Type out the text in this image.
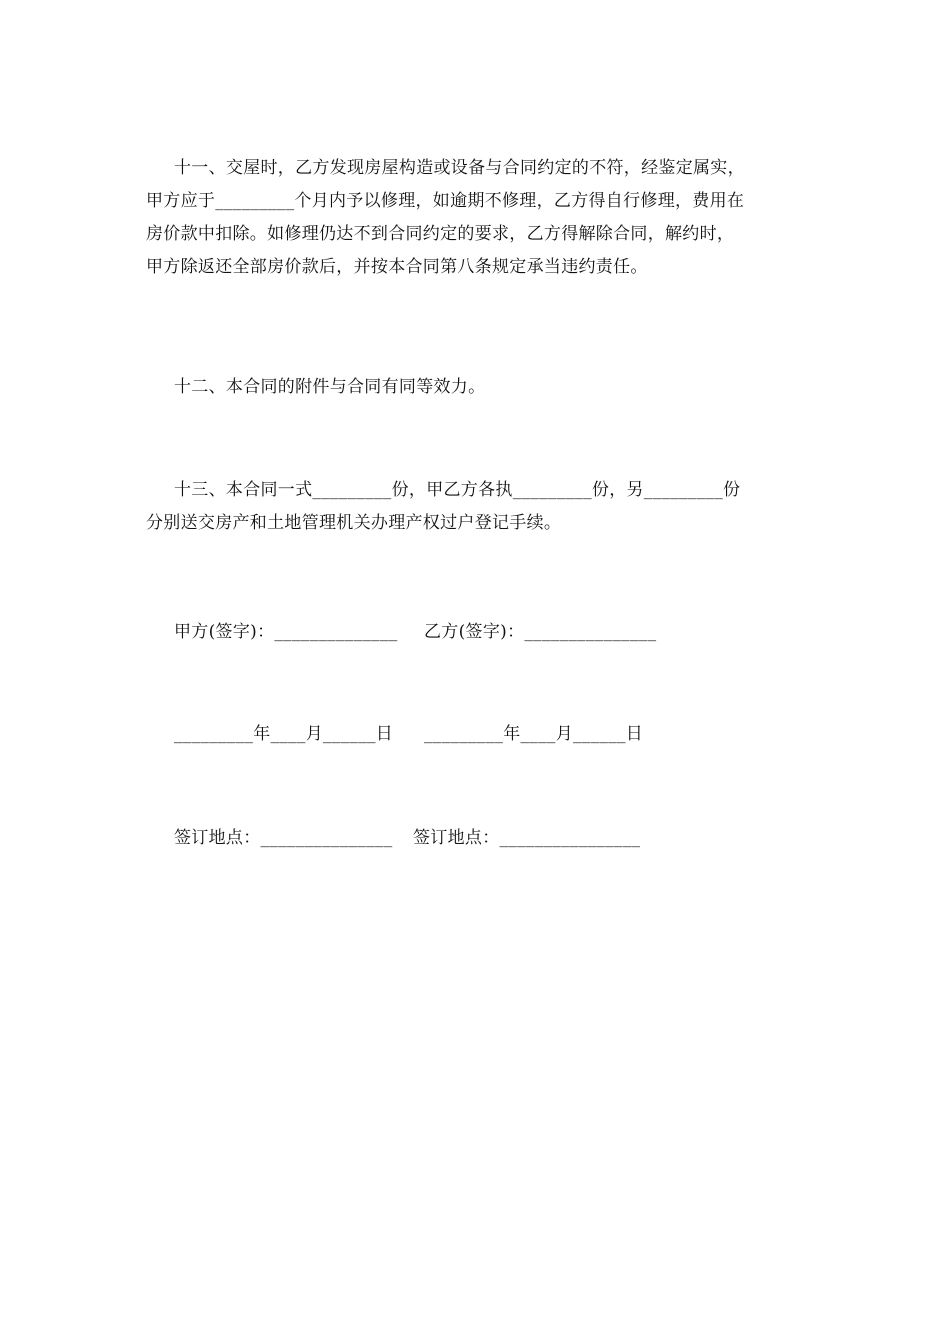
十一、交屋时，乙方发现房屋构造或设备与合同约定的不符，经鉴定属实，
甲方应于_________个月内予以修理，如逾期不修理，乙方得自行修理，费用在
房价款中扣除。如修理仍达不到合同约定的要求，乙方得解除合同，解约时，
甲方除返还全部房价款后，并按本合同第八条规定承当违约责任。
十二、本合同的附件与合同有同等效力。
十三、本合同一式_________份，甲乙方各执_________份，另_________份
分别送交房产和土地管理机关办理产权过户登记手续。
甲方(签字)：______________ 乙方(签字)：_______________
_________年____月______日 _________年____月______日
签订地点：_______________ 签订地点：________________
